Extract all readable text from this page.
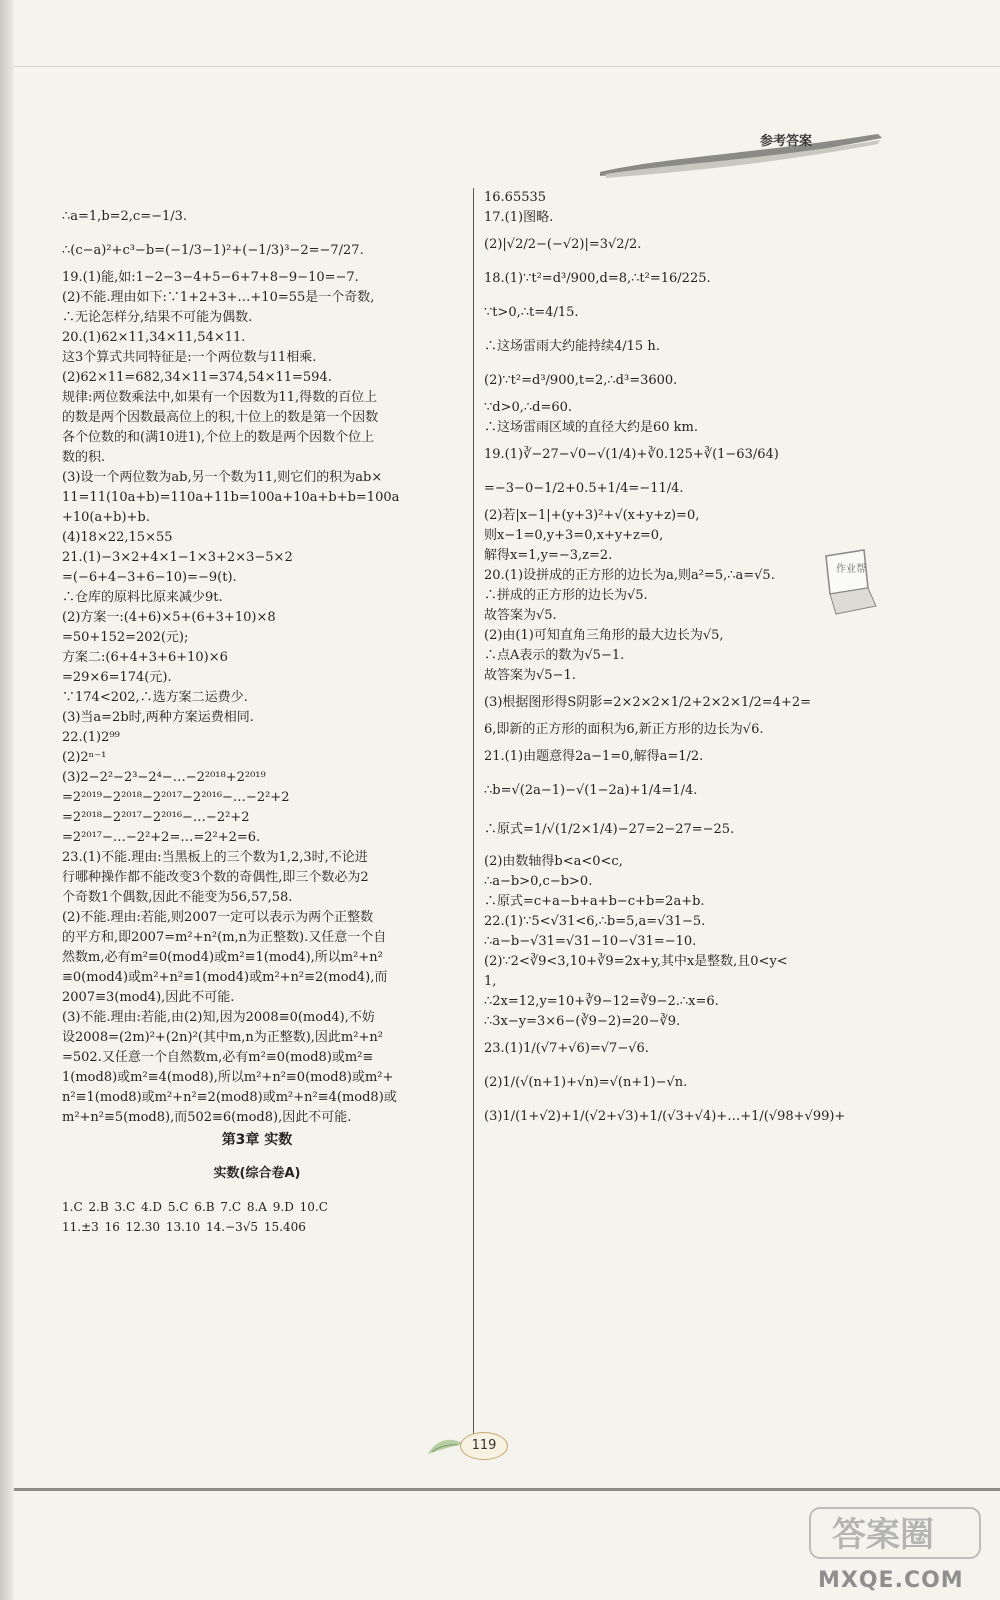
参考答案

∴a=1,b=2,c=−1/3.

∴(c−a)²+c³−b=(−1/3−1)²+(−1/3)³−2=−7/27.

19.(1)能,如:1−2−3−4+5−6+7+8−9−10=−7.

(2)不能.理由如下:∵1+2+3+…+10=55是一个奇数,

∴无论怎样分,结果不可能为偶数.

20.(1)62×11,34×11,54×11.

这3个算式共同特征是:一个两位数与11相乘.

(2)62×11=682,34×11=374,54×11=594.

规律:两位数乘法中,如果有一个因数为11,得数的百位上

的数是两个因数最高位上的积,十位上的数是第一个因数

各个位数的和(满10进1),个位上的数是两个因数个位上

数的积.

(3)设一个两位数为ab,另一个数为11,则它们的积为ab×

11=11(10a+b)=110a+11b=100a+10a+b+b=100a

+10(a+b)+b.

(4)18×22,15×55

21.(1)−3×2+4×1−1×3+2×3−5×2

=(−6+4−3+6−10)=−9(t).

∴仓库的原料比原来减少9t.

(2)方案一:(4+6)×5+(6+3+10)×8

=50+152=202(元);

方案二:(6+4+3+6+10)×6

=29×6=174(元).

∵174<202,∴选方案二运费少.

(3)当a=2b时,两种方案运费相同.

22.(1)2⁹⁹

(2)2ⁿ⁻¹

(3)2−2²−2³−2⁴−…−2²⁰¹⁸+2²⁰¹⁹

=2²⁰¹⁹−2²⁰¹⁸−2²⁰¹⁷−2²⁰¹⁶−…−2²+2

=2²⁰¹⁸−2²⁰¹⁷−2²⁰¹⁶−…−2²+2

=2²⁰¹⁷−…−2²+2=…=2²+2=6.

23.(1)不能.理由:当黑板上的三个数为1,2,3时,不论进

行哪种操作都不能改变3个数的奇偶性,即三个数必为2

个奇数1个偶数,因此不能变为56,57,58.

(2)不能.理由:若能,则2007一定可以表示为两个正整数

的平方和,即2007=m²+n²(m,n为正整数).又任意一个自

然数m,必有m²≡0(mod4)或m²≡1(mod4),所以m²+n²

≡0(mod4)或m²+n²≡1(mod4)或m²+n²≡2(mod4),而

2007≡3(mod4),因此不可能.

(3)不能.理由:若能,由(2)知,因为2008≡0(mod4),不妨

设2008=(2m)²+(2n)²(其中m,n为正整数),因此m²+n²

=502.又任意一个自然数m,必有m²≡0(mod8)或m²≡

1(mod8)或m²≡4(mod8),所以m²+n²≡0(mod8)或m²+

n²≡1(mod8)或m²+n²≡2(mod8)或m²+n²≡4(mod8)或

m²+n²≡5(mod8),而502≡6(mod8),因此不可能.

第3章 实数

实数(综合卷A)

1.C 2.B 3.C 4.D 5.C 6.B 7.C 8.A 9.D 10.C

11.±3 16 12.30 13.10 14.−3√5 15.406

16.65535

17.(1)图略.

(2)|√2/2−(−√2)|=3√2/2.

18.(1)∵t²=d³/900,d=8,∴t²=16/225.

∵t>0,∴t=4/15.

∴这场雷雨大约能持续4/15 h.

(2)∵t²=d³/900,t=2,∴d³=3600.

∵d>0,∴d=60.

∴这场雷雨区域的直径大约是60 km.

19.(1)∛−27−√0−√(1/4)+∛0.125+∛(1−63/64)

=−3−0−1/2+0.5+1/4=−11/4.

(2)若|x−1|+(y+3)²+√(x+y+z)=0,

则x−1=0,y+3=0,x+y+z=0,

解得x=1,y=−3,z=2.

20.(1)设拼成的正方形的边长为a,则a²=5,∴a=√5.

∴拼成的正方形的边长为√5.

故答案为√5.

(2)由(1)可知直角三角形的最大边长为√5,

∴点A表示的数为√5−1.

故答案为√5−1.

(3)根据图形得S阴影=2×2×2×1/2+2×2×1/2=4+2=

6,即新的正方形的面积为6,新正方形的边长为√6.

21.(1)由题意得2a−1=0,解得a=1/2.

∴b=√(2a−1)−√(1−2a)+1/4=1/4.

∴原式=1/√(1/2×1/4)−27=2−27=−25.

(2)由数轴得b<a<0<c,

∴a−b>0,c−b>0.

∴原式=c+a−b+a+b−c+b=2a+b.

22.(1)∵5<√31<6,∴b=5,a=√31−5.

∴a−b−√31=√31−10−√31=−10.

(2)∵2<∛9<3,10+∛9=2x+y,其中x是整数,且0<y<

1,

∴2x=12,y=10+∛9−12=∛9−2.∴x=6.

∴3x−y=3×6−(∛9−2)=20−∛9.

23.(1)1/(√7+√6)=√7−√6.

(2)1/(√(n+1)+√n)=√(n+1)−√n.

(3)1/(1+√2)+1/(√2+√3)+1/(√3+√4)+…+1/(√98+√99)+

作业帮
119
答案圈
MXQE.COM
